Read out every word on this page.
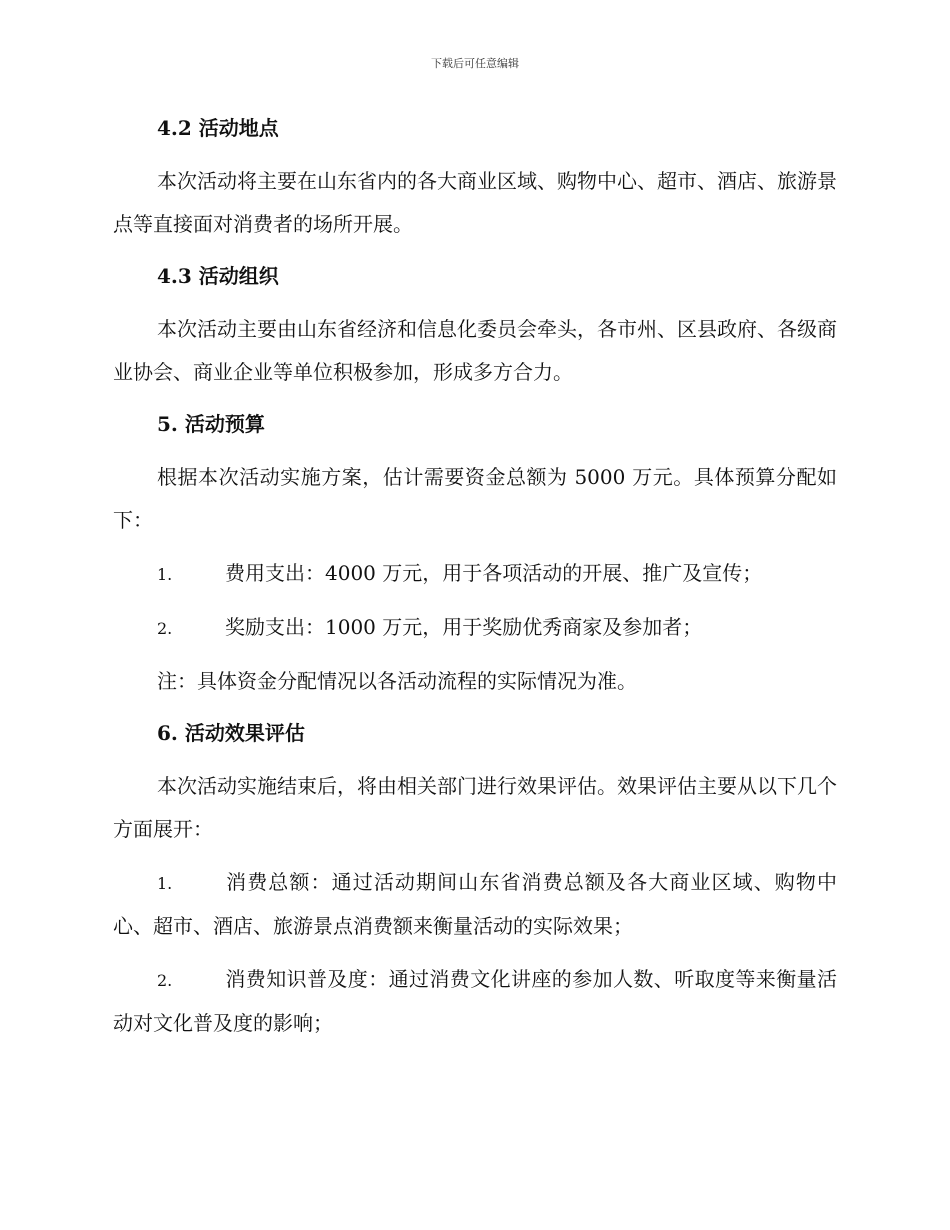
下载后可任意编辑
4.2 活动地点

本次活动将主要在山东省内的各大商业区域、购物中心、超市、酒店、旅游景点等直接面对消费者的场所开展。

4.3 活动组织

本次活动主要由山东省经济和信息化委员会牵头，各市州、区县政府、各级商业协会、商业企业等单位积极参加，形成多方合力。

5. 活动预算

根据本次活动实施方案，估计需要资金总额为 5000 万元。具体预算分配如下：

1.	费用支出：4000 万元，用于各项活动的开展、推广及宣传；

2.	奖励支出：1000 万元，用于奖励优秀商家及参加者；

注：具体资金分配情况以各活动流程的实际情况为准。

6. 活动效果评估

本次活动实施结束后，将由相关部门进行效果评估。效果评估主要从以下几个方面展开：

1.	消费总额：通过活动期间山东省消费总额及各大商业区域、购物中心、超市、酒店、旅游景点消费额来衡量活动的实际效果；

2.	消费知识普及度：通过消费文化讲座的参加人数、听取度等来衡量活动对文化普及度的影响；
